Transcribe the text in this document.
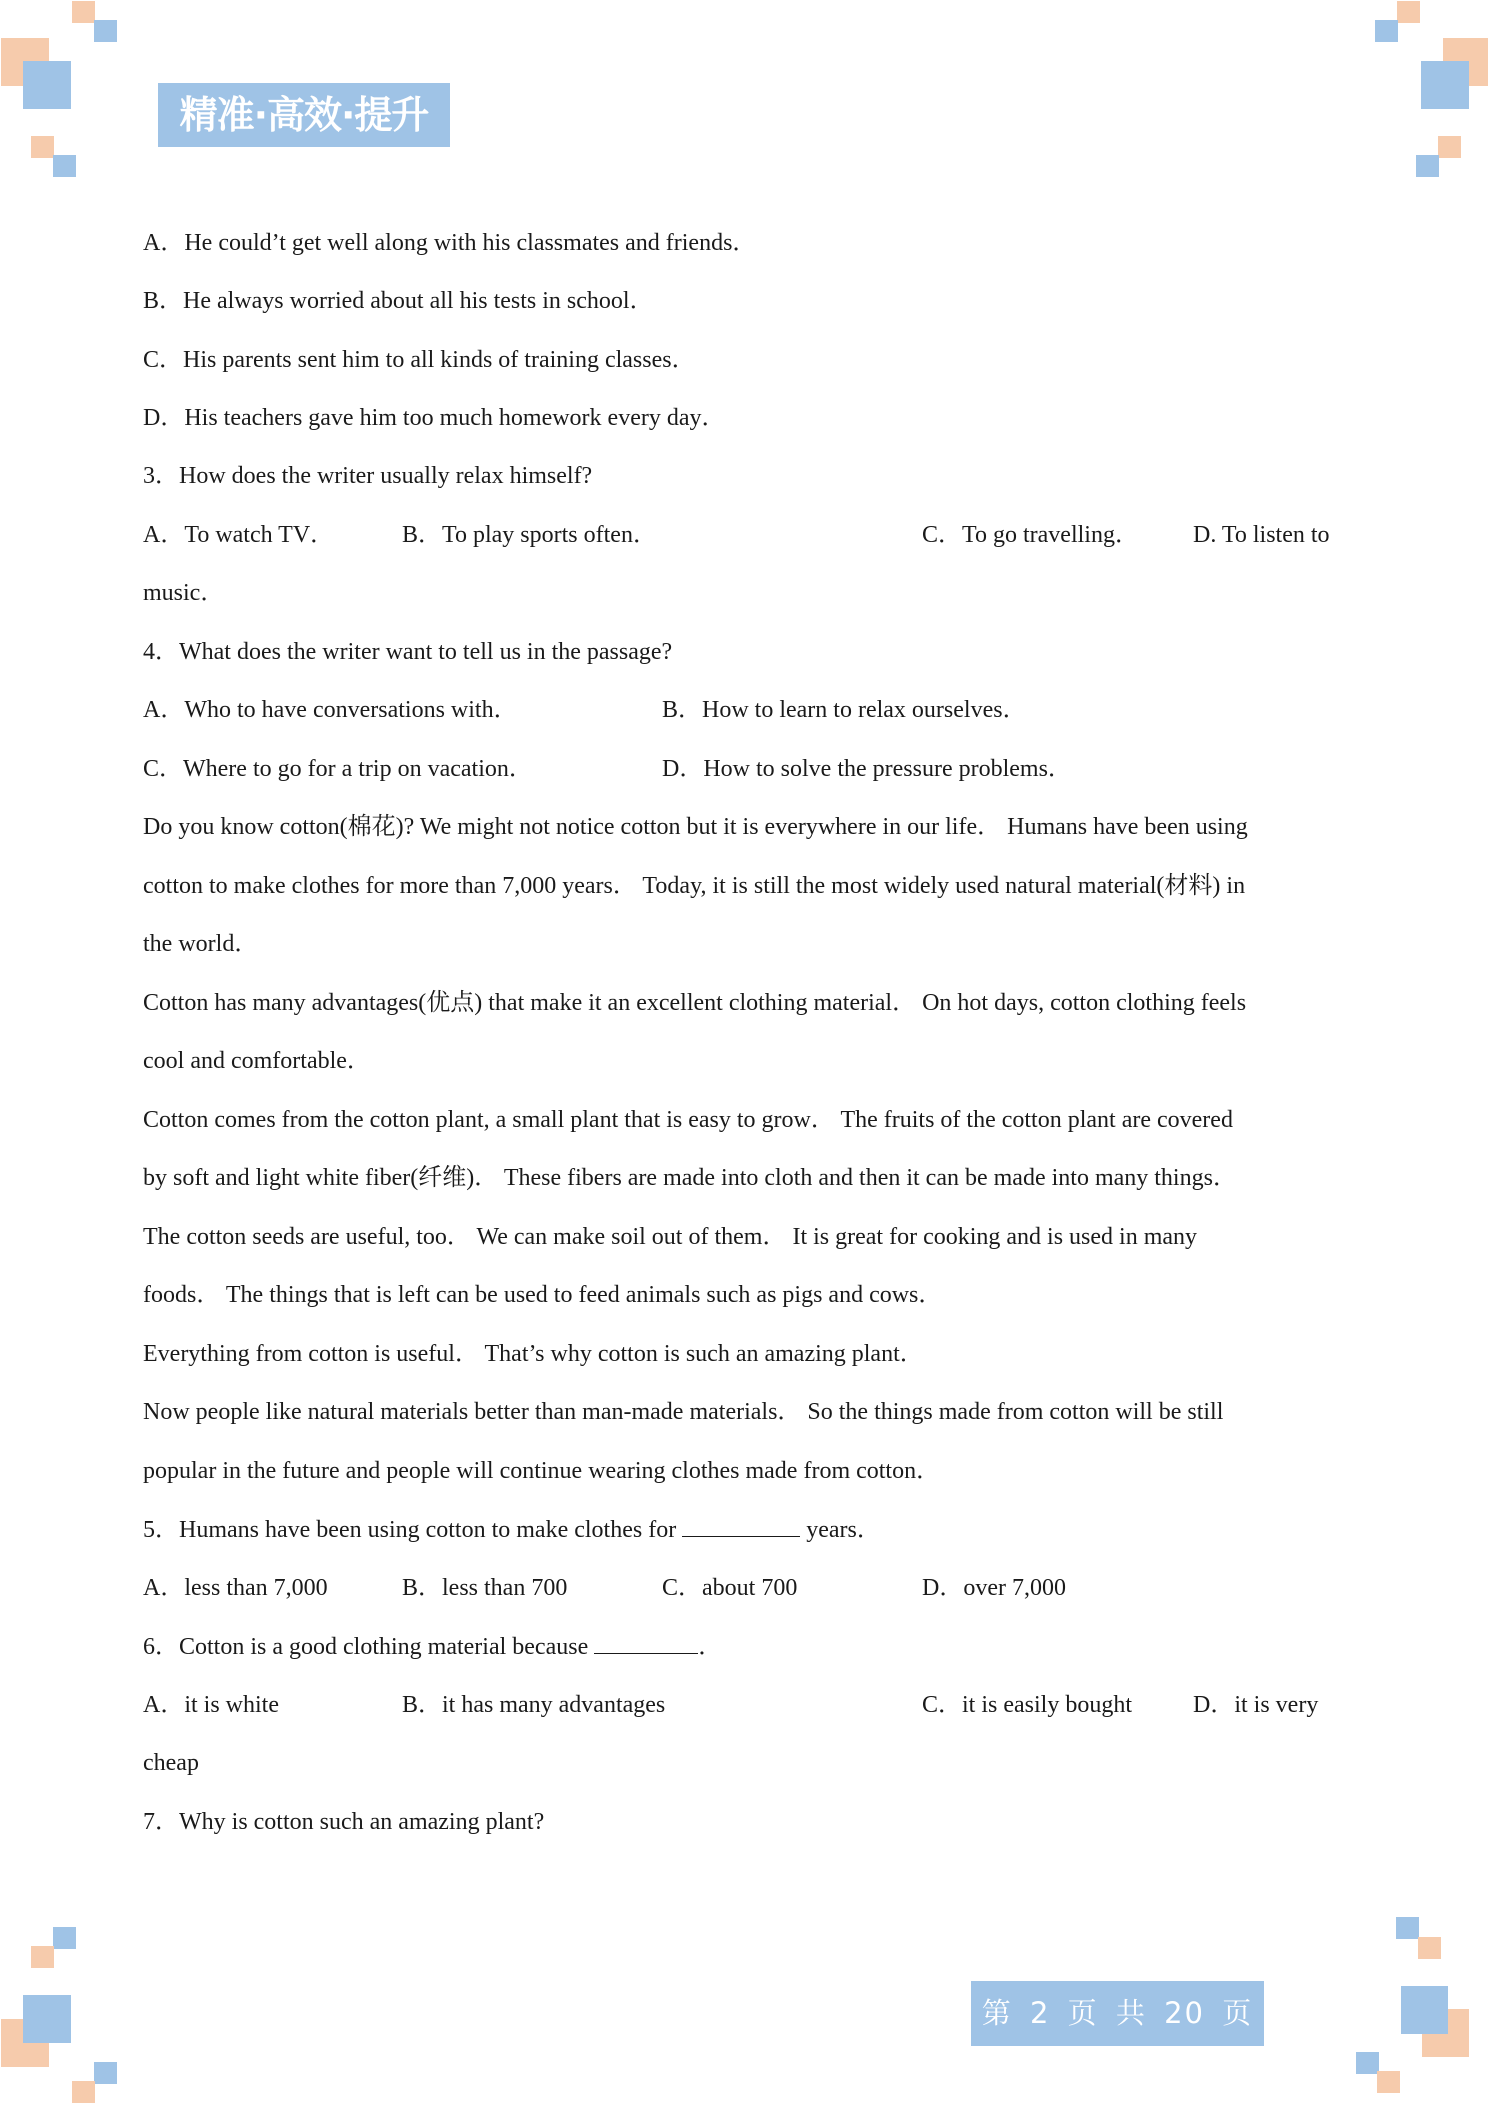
精准·高效·提升
A．He could’t get well along with his classmates and friends．
B．He always worried about all his tests in school．
C．His parents sent him to all kinds of training classes．
D．His teachers gave him too much homework every day．
3．How does the writer usually relax himself?
A．To watch TV．	B．To play sports often．	C．To go travelling． D. To listen to
music．
4．What does the writer want to tell us in the passage?
A．Who to have conversations with．	B．How to learn to relax ourselves．
C．Where to go for a trip on vacation．	D．How to solve the pressure problems．
Do you know cotton(棉花)? We might not notice cotton but it is everywhere in our life． Humans have been using
cotton to make clothes for more than 7,000 years． Today, it is still the most widely used natural material(材料) in
the world．
Cotton has many advantages(优点) that make it an excellent clothing material． On hot days, cotton clothing feels
cool and comfortable．
Cotton comes from the cotton plant, a small plant that is easy to grow． The fruits of the cotton plant are covered
by soft and light white fiber(纤维)． These fibers are made into cloth and then it can be made into many things．
The cotton seeds are useful, too． We can make soil out of them． It is great for cooking and is used in many
foods． The things that is left can be used to feed animals such as pigs and cows．
Everything from cotton is useful． That’s why cotton is such an amazing plant．
Now people like natural materials better than man-made materials． So the things made from cotton will be still
popular in the future and people will continue wearing clothes made from cotton．
5．Humans have been using cotton to make clothes for	years．
A．less than 7,000	B．less than 700	C．about 700	D．over 7,000
6．Cotton is a good clothing material because	．
A．it is white	B．it has many advantages	C．it is easily bought	D．it is very
cheap
7．Why is cotton such an amazing plant?
第 2 页 共 20 页
